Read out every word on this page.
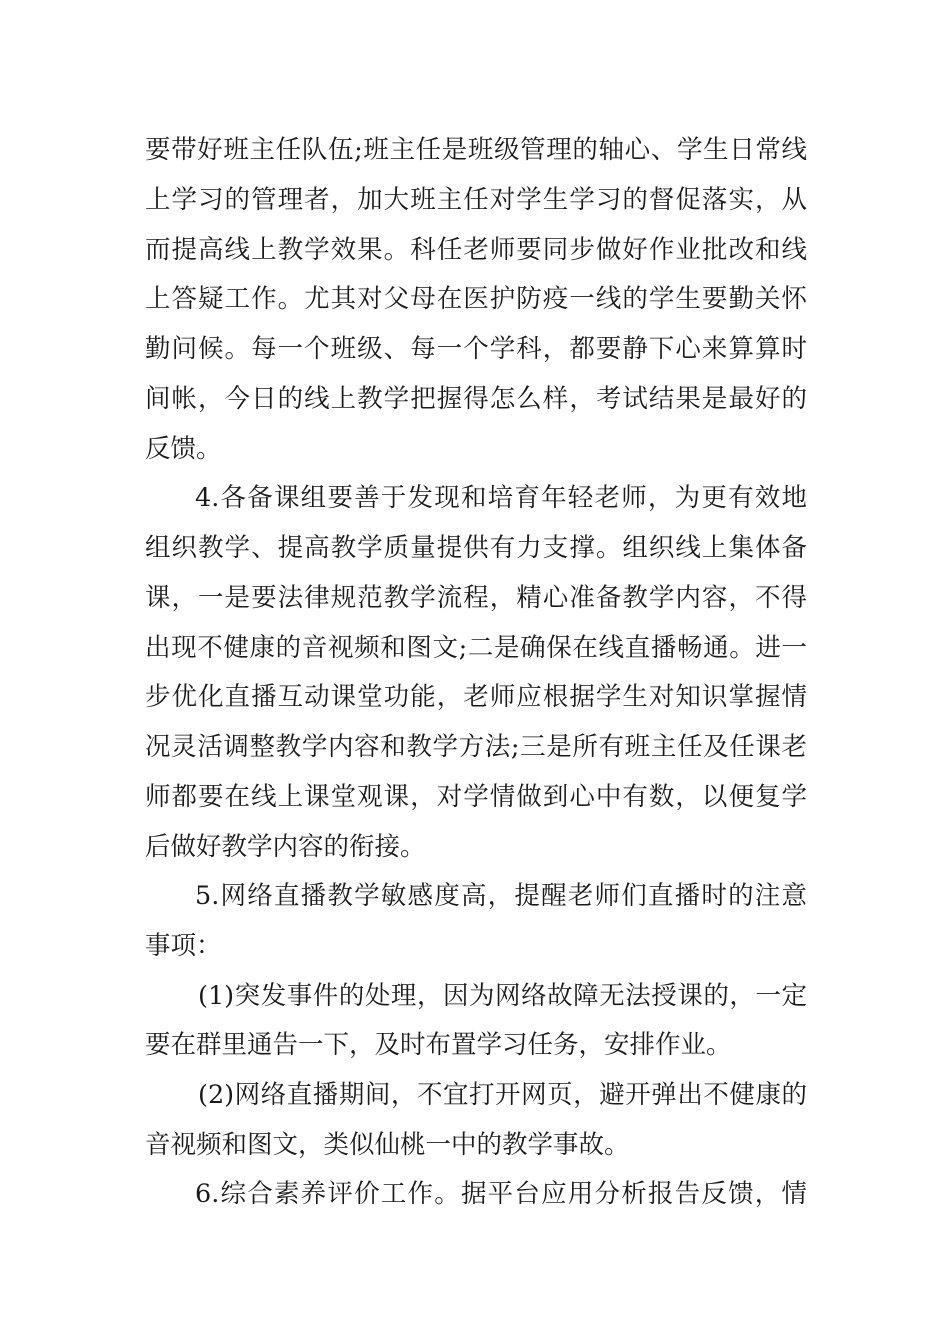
要带好班主任队伍;班主任是班级管理的轴心、学生日常线
上学习的管理者，加大班主任对学生学习的督促落实，从
而提高线上教学效果。科任老师要同步做好作业批改和线
上答疑工作。尤其对父母在医护防疫一线的学生要勤关怀
勤问候。每一个班级、每一个学科，都要静下心来算算时
间帐，今日的线上教学把握得怎么样，考试结果是最好的
反馈。
4.各备课组要善于发现和培育年轻老师，为更有效地
组织教学、提高教学质量提供有力支撑。组织线上集体备
课，一是要法律规范教学流程，精心准备教学内容，不得
出现不健康的音视频和图文;二是确保在线直播畅通。进一
步优化直播互动课堂功能，老师应根据学生对知识掌握情
况灵活调整教学内容和教学方法;三是所有班主任及任课老
师都要在线上课堂观课，对学情做到心中有数，以便复学
后做好教学内容的衔接。
5.网络直播教学敏感度高，提醒老师们直播时的注意
事项：
(1)突发事件的处理，因为网络故障无法授课的，一定
要在群里通告一下，及时布置学习任务，安排作业。
(2)网络直播期间，不宜打开网页，避开弹出不健康的
音视频和图文，类似仙桃一中的教学事故。
6.综合素养评价工作。据平台应用分析报告反馈，情
